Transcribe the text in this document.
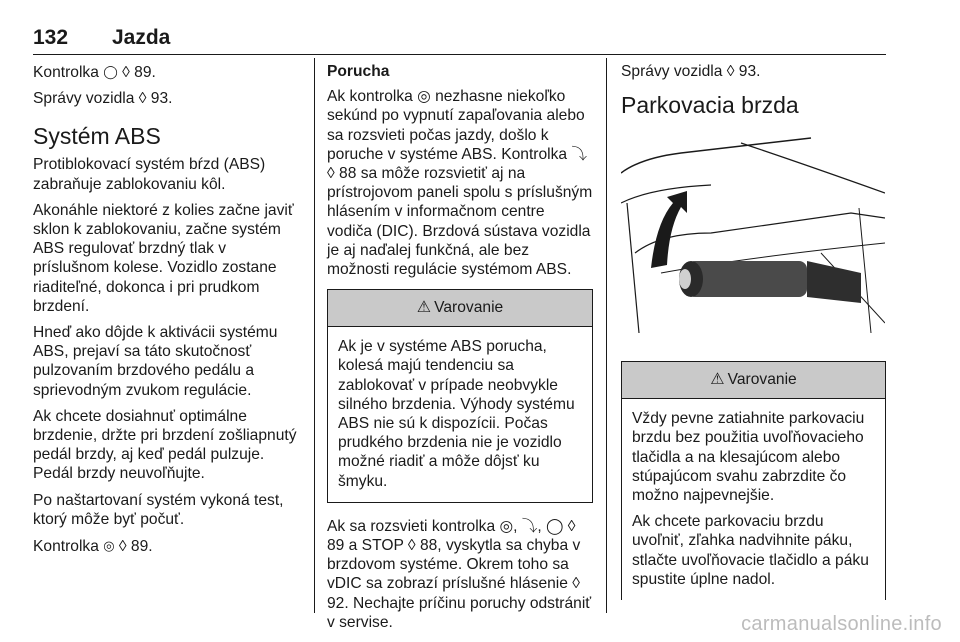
132 Jazda

Kontrolka ◯ ◊ 89.

Správy vozidla ◊ 93.

Systém ABS

Protiblokovací systém bŕzd (ABS) zabraňuje zablokovaniu kôl.

Akonáhle niektoré z kolies začne javiť sklon k zablokovaniu, začne systém ABS regulovať brzdný tlak v príslušnom kolese. Vozidlo zostane riaditeľné, dokonca i pri prudkom brzdení.

Hneď ako dôjde k aktivácii systému ABS, prejaví sa táto skutočnosť pulzovaním brzdového pedálu a sprievodným zvukom regulácie.

Ak chcete dosiahnuť optimálne brzdenie, držte pri brzdení zošliapnutý pedál brzdy, aj keď pedál pulzuje. Pedál brzdy neuvoľňujte.

Po naštartovaní systém vykoná test, ktorý môže byť počuť.

Kontrolka ◎ ◊ 89.

Porucha

Ak kontrolka ◎ nezhasne niekoľko sekúnd po vypnutí zapaľovania alebo sa rozsvieti počas jazdy, došlo k poruche v systéme ABS. Kontrolka ⤵ ◊ 88 sa môže rozsvietiť aj na prístrojovom paneli spolu s príslušným hlásením v informačnom centre vodiča (DIC). Brzdová sústava vozidla je aj naďalej funkčná, ale bez možnosti regulácie systémom ABS.

⚠ Varovanie

Ak je v systéme ABS porucha, kolesá majú tendenciu sa zablokovať v prípade neobvykle silného brzdenia. Výhody systému ABS nie sú k dispozícii. Počas prudkého brzdenia nie je vozidlo možné riadiť a môže dôjsť ku šmyku.

Ak sa rozsvieti kontrolka ◎, ⤵, ◯ ◊ 89 a STOP ◊ 88, vyskytla sa chyba v brzdovom systéme. Okrem toho sa vDIC sa zobrazí príslušné hlásenie ◊ 92. Nechajte príčinu poruchy odstrániť v servise.

Správy vozidla ◊ 93.

Parkovacia brzda
⚠ Varovanie

Vždy pevne zatiahnite parkovaciu brzdu bez použitia uvoľňovacieho tlačidla a na klesajúcom alebo stúpajúcom svahu zabrzdite čo možno najpevnejšie.

Ak chcete parkovaciu brzdu uvoľniť, zľahka nadvihnite páku, stlačte uvoľňovacie tlačidlo a páku spustite úplne nadol.

carmanualsonline.info
